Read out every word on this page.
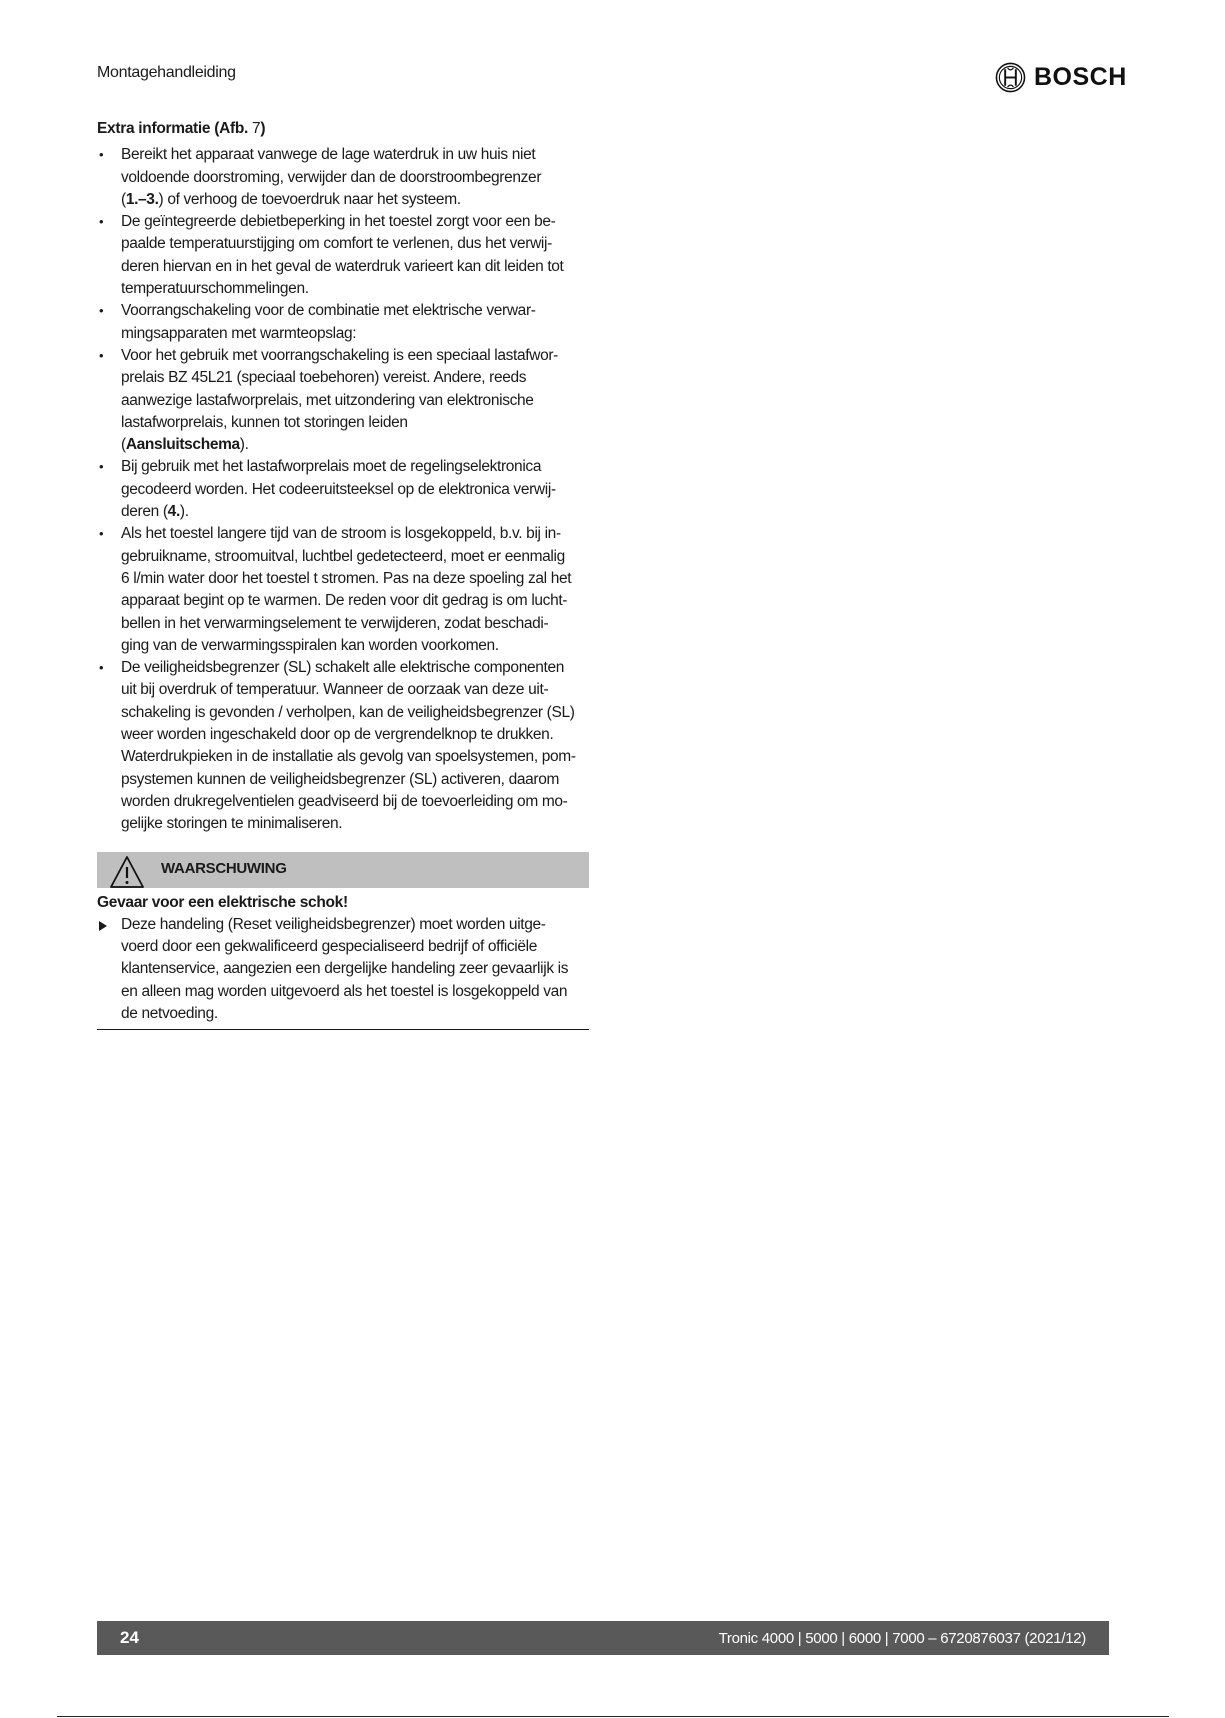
Montagehandleiding	BOSCH
Extra informatie (Afb. 7)
• Bereikt het apparaat vanwege de lage waterdruk in uw huis niet
voldoende doorstroming, verwijder dan de doorstroombegrenzer
(1.–3.) of verhoog de toevoerdruk naar het systeem.
• De geïntegreerde debietbeperking in het toestel zorgt voor een be-
paalde temperatuurstijging om comfort te verlenen, dus het verwij-
deren hiervan en in het geval de waterdruk varieert kan dit leiden tot
temperatuurschommelingen.
• Voorrangschakeling voor de combinatie met elektrische verwar-
mingsapparaten met warmteopslag:
• Voor het gebruik met voorrangschakeling is een speciaal lastafwor-
prelais BZ 45L21 (speciaal toebehoren) vereist. Andere, reeds
aanwezige lastafworprelais, met uitzondering van elektronische
lastafworprelais, kunnen tot storingen leiden
(Aansluitschema).
• Bij gebruik met het lastafworprelais moet de regelingselektronica
gecodeerd worden. Het codeeruitsteeksel op de elektronica verwij-
deren (4.).
• Als het toestel langere tijd van de stroom is losgekoppeld, b.v. bij in-
gebruikname, stroomuitval, luchtbel gedetecteerd, moet er eenmalig
6 l/min water door het toestel t stromen. Pas na deze spoeling zal het
apparaat begint op te warmen. De reden voor dit gedrag is om lucht-
bellen in het verwarmingselement te verwijderen, zodat beschadi-
ging van de verwarmingsspiralen kan worden voorkomen.
• De veiligheidsbegrenzer (SL) schakelt alle elektrische componenten
uit bij overdruk of temperatuur. Wanneer de oorzaak van deze uit-
schakeling is gevonden / verholpen, kan de veiligheidsbegrenzer (SL)
weer worden ingeschakeld door op de vergrendelknop te drukken.
Waterdrukpieken in de installatie als gevolg van spoelsystemen, pom-
psystemen kunnen de veiligheidsbegrenzer (SL) activeren, daarom
worden drukregelventielen geadviseerd bij de toevoerleiding om mo-
gelijke storingen te minimaliseren.
WAARSCHUWING
Gevaar voor een elektrische schok!
Deze handeling (Reset veiligheidsbegrenzer) moet worden uitge-
voerd door een gekwalificeerd gespecialiseerd bedrijf of officiële
klantenservice, aangezien een dergelijke handeling zeer gevaarlijk is
en alleen mag worden uitgevoerd als het toestel is losgekoppeld van
de netvoeding.
24	Tronic 4000 | 5000 | 6000 | 7000 – 6720876037 (2021/12)
